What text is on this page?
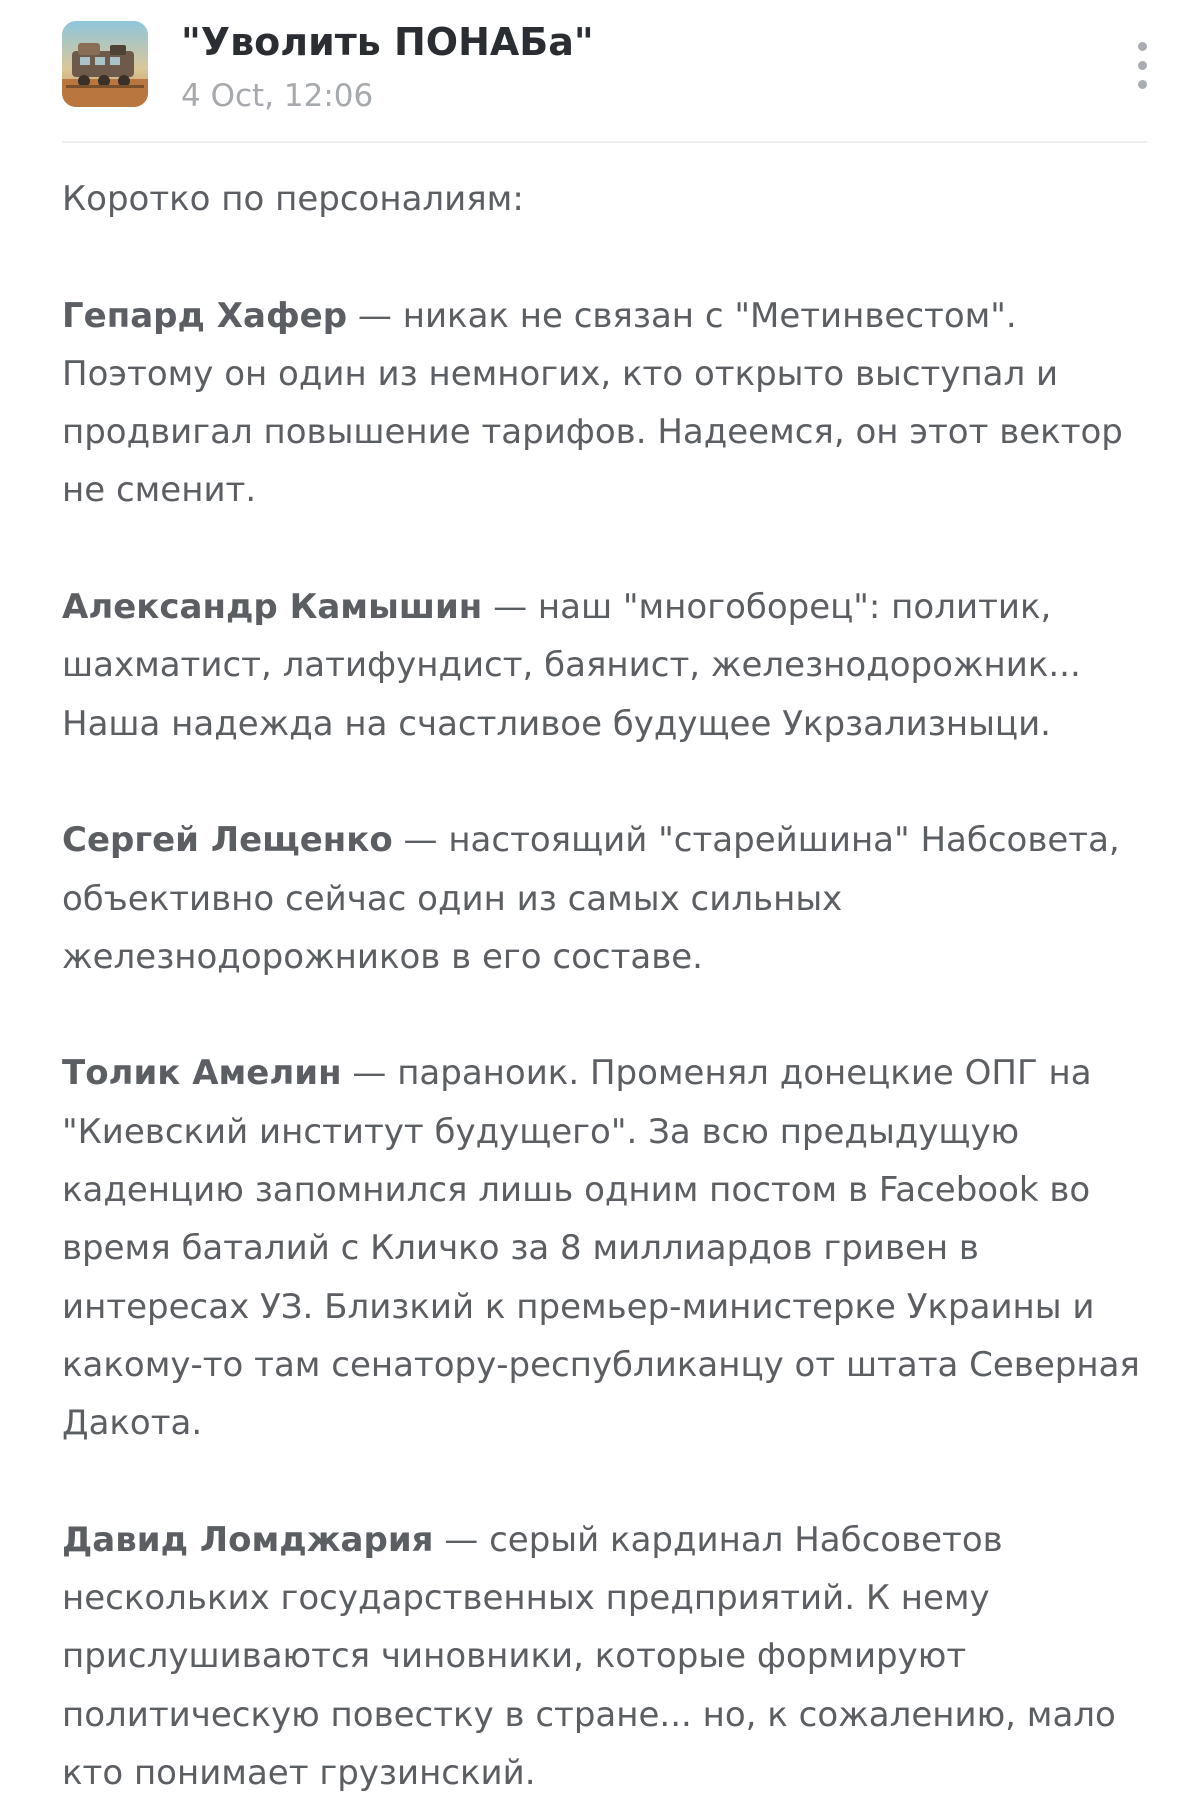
"Уволить ПОНАБа"
4 Oct, 12:06

Коротко по персоналиям:

Гепард Хафер — никак не связан с "Метинвестом". Поэтому он один из немногих, кто открыто выступал и продвигал повышение тарифов. Надеемся, он этот вектор не сменит.

Александр Камышин — наш "многоборец": политик, шахматист, латифундист, баянист, железнодорожник... Наша надежда на счастливое будущее Укрзализныци.

Сергей Лещенко — настоящий "старейшина" Набсовета, объективно сейчас один из самых сильных железнодорожников в его составе.

Толик Амелин — параноик. Променял донецкие ОПГ на "Киевский институт будущего". За всю предыдущую каденцию запомнился лишь одним постом в Facebook во время баталий с Кличко за 8 миллиардов гривен в интересах УЗ. Близкий к премьер-министерке Украины и какому-то там сенатору-республиканцу от штата Северная Дакота.

Давид Ломджария — серый кардинал Набсоветов нескольких государственных предприятий. К нему прислушиваются чиновники, которые формируют политическую повестку в стране... но, к сожалению, мало кто понимает грузинский.
